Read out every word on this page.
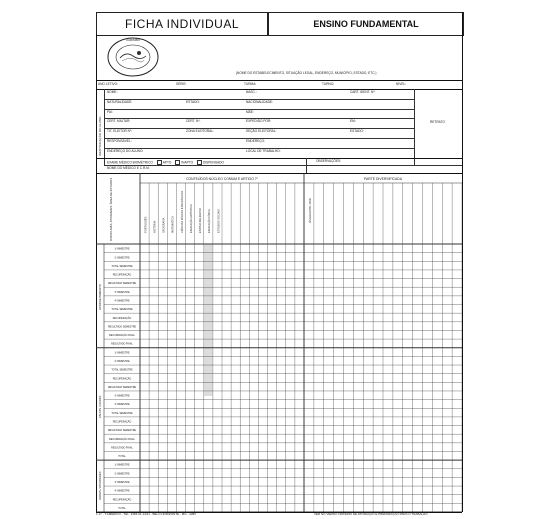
FICHA INDIVIDUAL	ENSINO FUNDAMENTAL
CARIMBO
(NOME DO ESTABELECIMENTO, SITUAÇÃO LEGAL, ENDEREÇO, MUNICÍPIO, ESTADO, ETC.)
ANO LETIVO:	SÉRIE:	TURMA:	TURNO:	NÍVEL:
IDENTIFICAÇÃO DO ALUNO	RETRATO
NOME:	NASC.:	CART. IDENT. Nº:
NATURALIDADE:	ESTADO:	NACIONALIDADE:
PAI:	MÃE:
CERT. MILITAR:	CERT. Nº:	EXPEDIDO POR:	EM:
TIT. ELEITOR Nº:	ZONA ELEITORAL:	SEÇÃO ELEITORAL:	ESTADO:
RESPONSÁVEL:	ENDEREÇO:
ENDEREÇO DO ALUNO:	LOCAL DE TRABALHO:
EXAME MÉDICO BIOMÉTRICO	APTO	INAPTO	DISPENSADO	OBSERVAÇÕES:
NOME DO MÉDICO E C.R.M.
CONTEÚDOS NÚCLEO COMUM E ARTIGO 7º	PARTE DIVERSIFICADA
DISCIPLINAS, ATIVIDADES, ÁREA DE ESTUDOS	PORTUGUÊS	HISTÓRIA	GEOGRAFIA	MATEMÁTICA	CIÊNCIAS FÍSICAS E BIOLÓGICAS	EDUCAÇÃO ARTÍSTICA	ENSINO RELIGIOSO	EDUCAÇÃO FÍSICA	ESTUDOS SOCIAIS	LÍNGUA ESTR. MOD.
1º BIMESTRE
2º BIMESTRE
TOTAL SEMESTRE
RECUPERAÇÃO
RESULTADO SEMESTRE
3º BIMESTRE
4º BIMESTRE
TOTAL SEMESTRE
RECUPERAÇÃO
RESULTADO SEMESTRE
RECUPERAÇÃO FINAL
RESULTADO FINAL
APROVEITAMENTO
1º BIMESTRE
2º BIMESTRE
TOTAL SEMESTRE
RECUPERAÇÃO
RESULTADO SEMESTRE
3º BIMESTRE
4º BIMESTRE
TOTAL SEMESTRE
RECUPERAÇÃO
RESULTADO SEMESTRE
RECUPERAÇÃO FINAL
RESULTADO FINAL
TOTAL
FALTAS / HORAS
1º BIMESTRE
2º BIMESTRE
3º BIMESTRE
4º BIMESTRE
RECUPERAÇÃO
TOTAL
HORAS / ATIVIDADES
1.17 - T.AMERICO - TEL: 3465-01-14/11 - BELO HORIZONTE - MG - 2280	VER NO VERSO CRITÉRIO DE APURAÇÃO E PREPARAÇÃO PARA O TRABALHO
